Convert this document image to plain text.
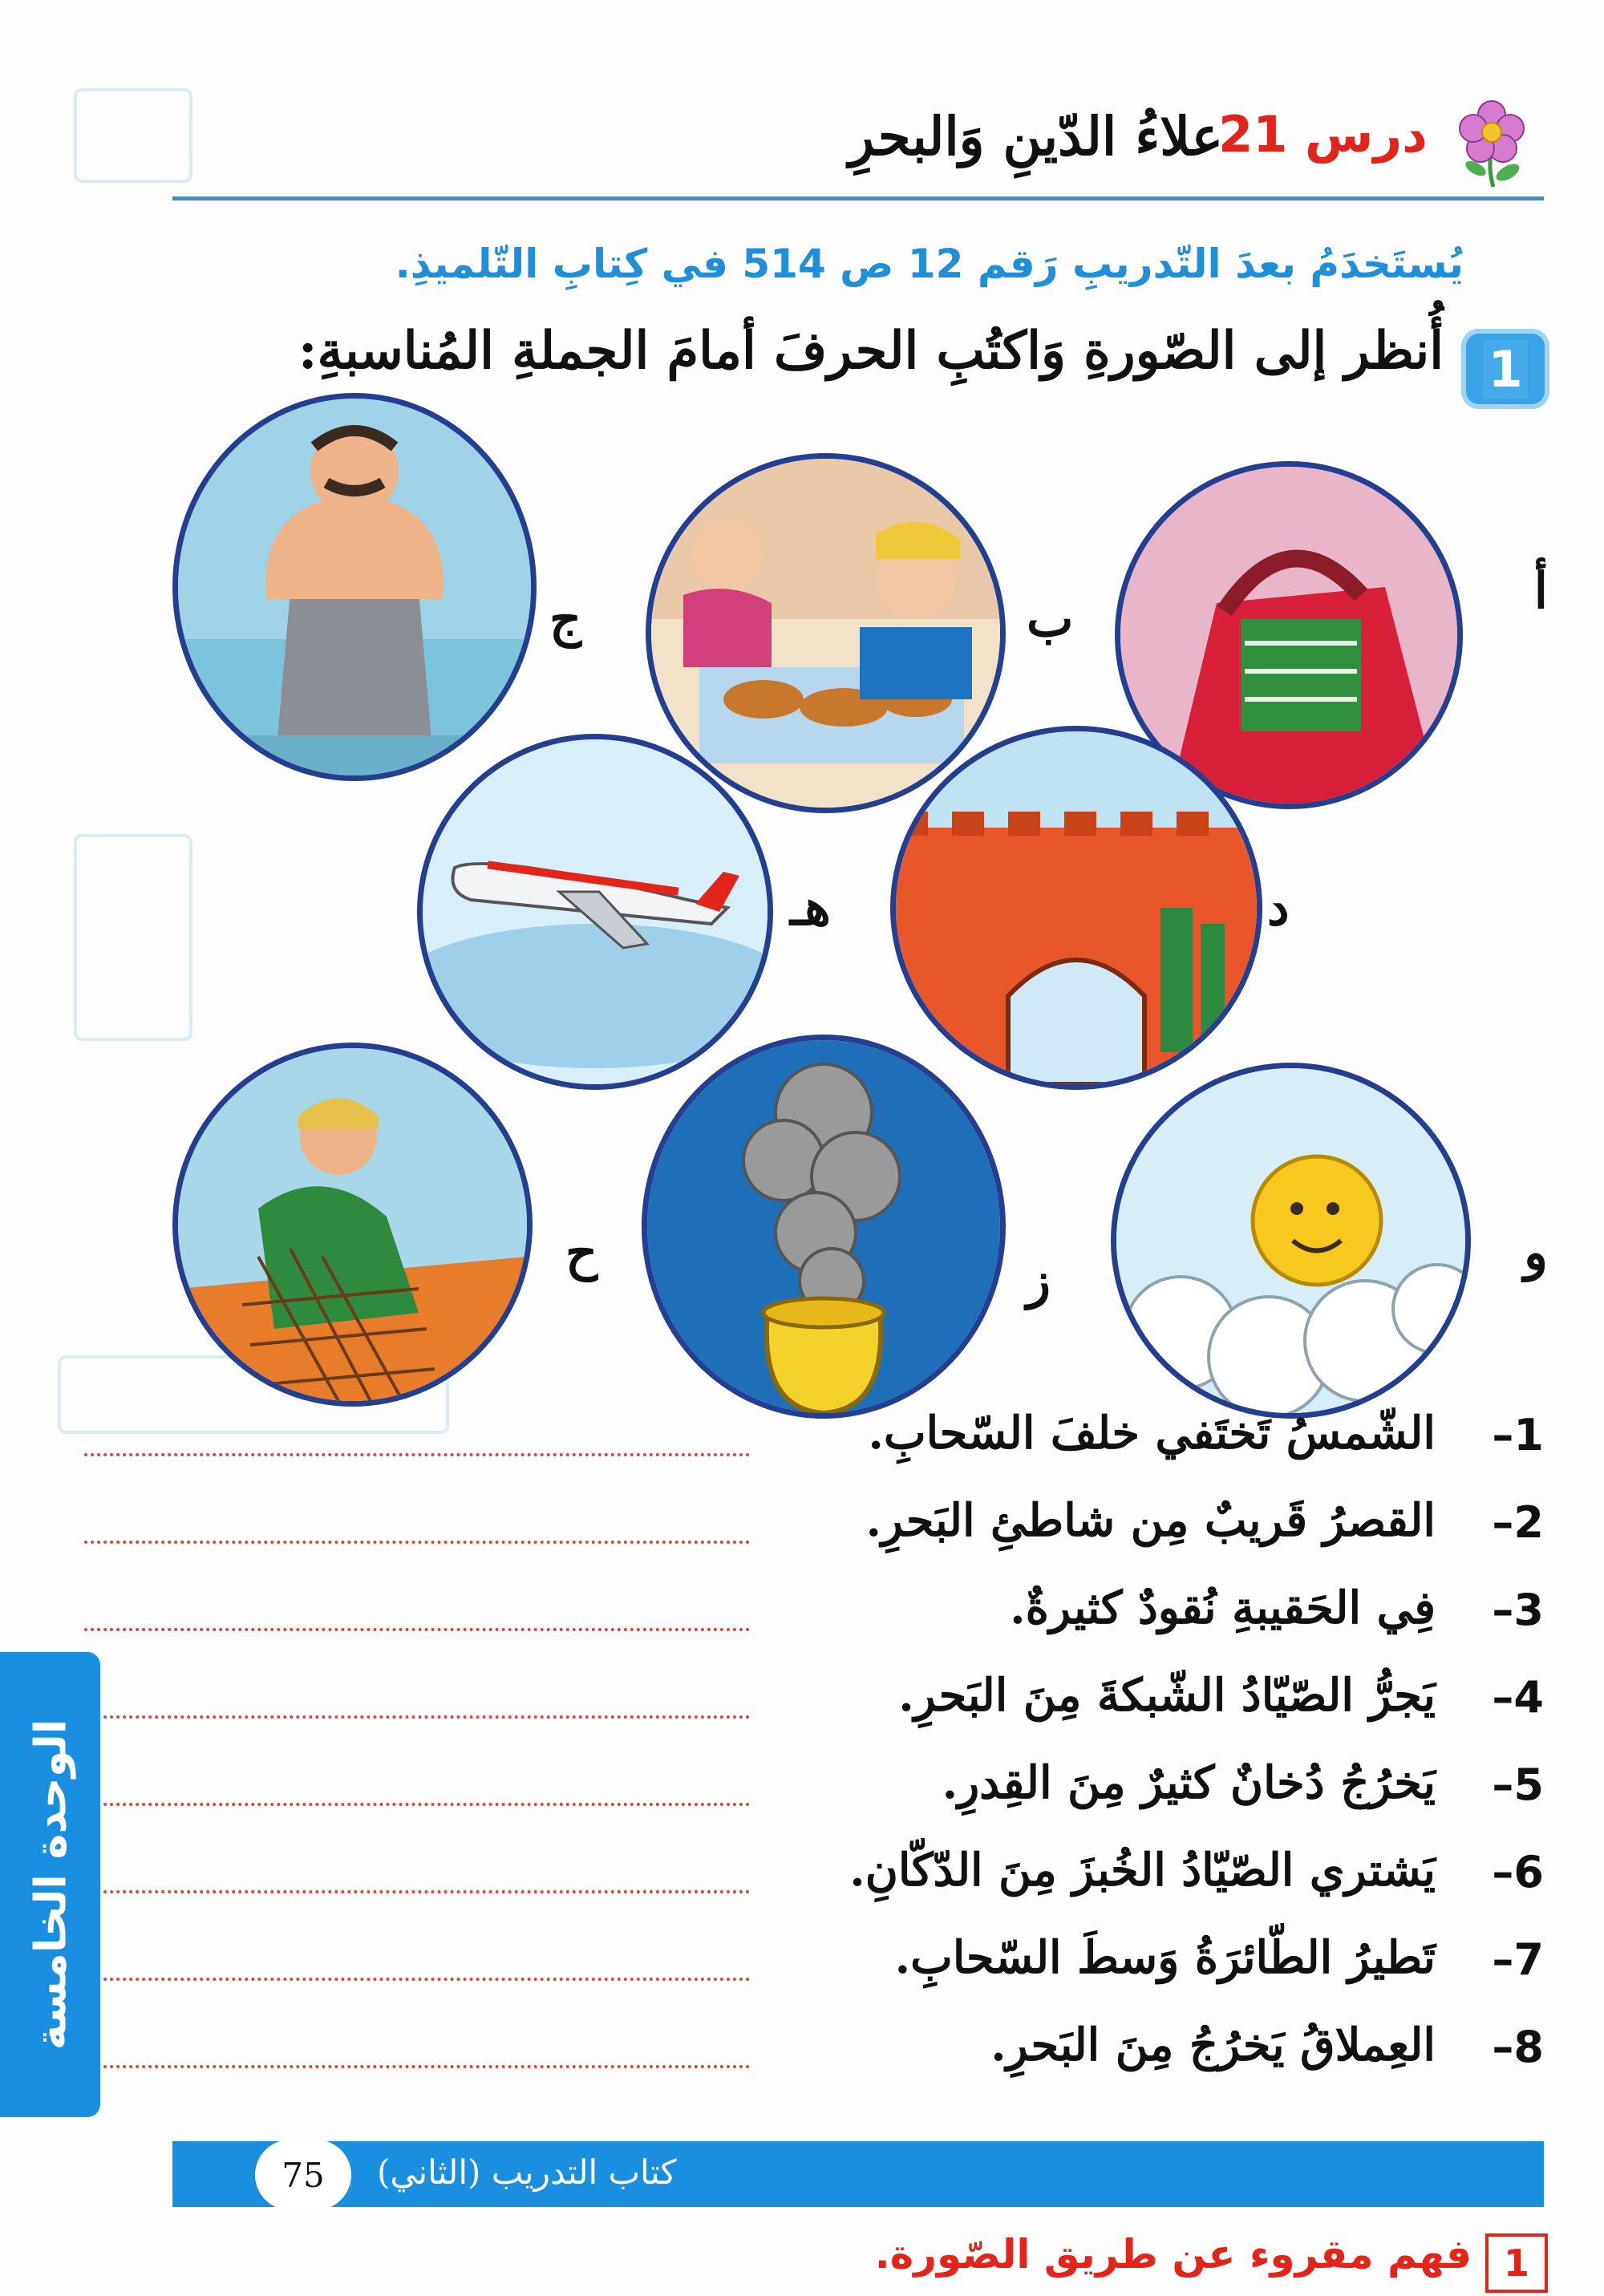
درس 21
علاءُ الدّينِ وَالبحرِ
يُستَخدَمُ بعدَ التّدريبِ رَقم 12 ص 514 في كِتابِ التّلميذِ.
1
أُنظر إلى الصّورةِ وَاكتُبِ الحرفَ أمامَ الجملةِ المُناسبةِ:
أ
ب
ج
د
هـ
و
ز
ح
1–
الشّمسُ تَختَفي خلفَ السّحابِ.
2–
القصرُ قَريبٌ مِن شاطئِ البَحرِ.
3–
فِي الحَقيبةِ نُقودٌ كثيرةٌ.
4–
يَجرُّ الصّيّادُ الشّبكةَ مِنَ البَحرِ.
5–
يَخرُجُ دُخانٌ كثيرٌ مِنَ القِدرِ.
6–
يَشتري الصّيّادُ الخُبزَ مِنَ الدّكّانِ.
7–
تَطيرُ الطّائرَةُ وَسطَ السّحابِ.
8–
العِملاقُ يَخرُجُ مِنَ البَحرِ.
الوحدة الخامسة
75	كتاب التدريب (الثاني)
1
فهم مقروء عن طريق الصّورة.
